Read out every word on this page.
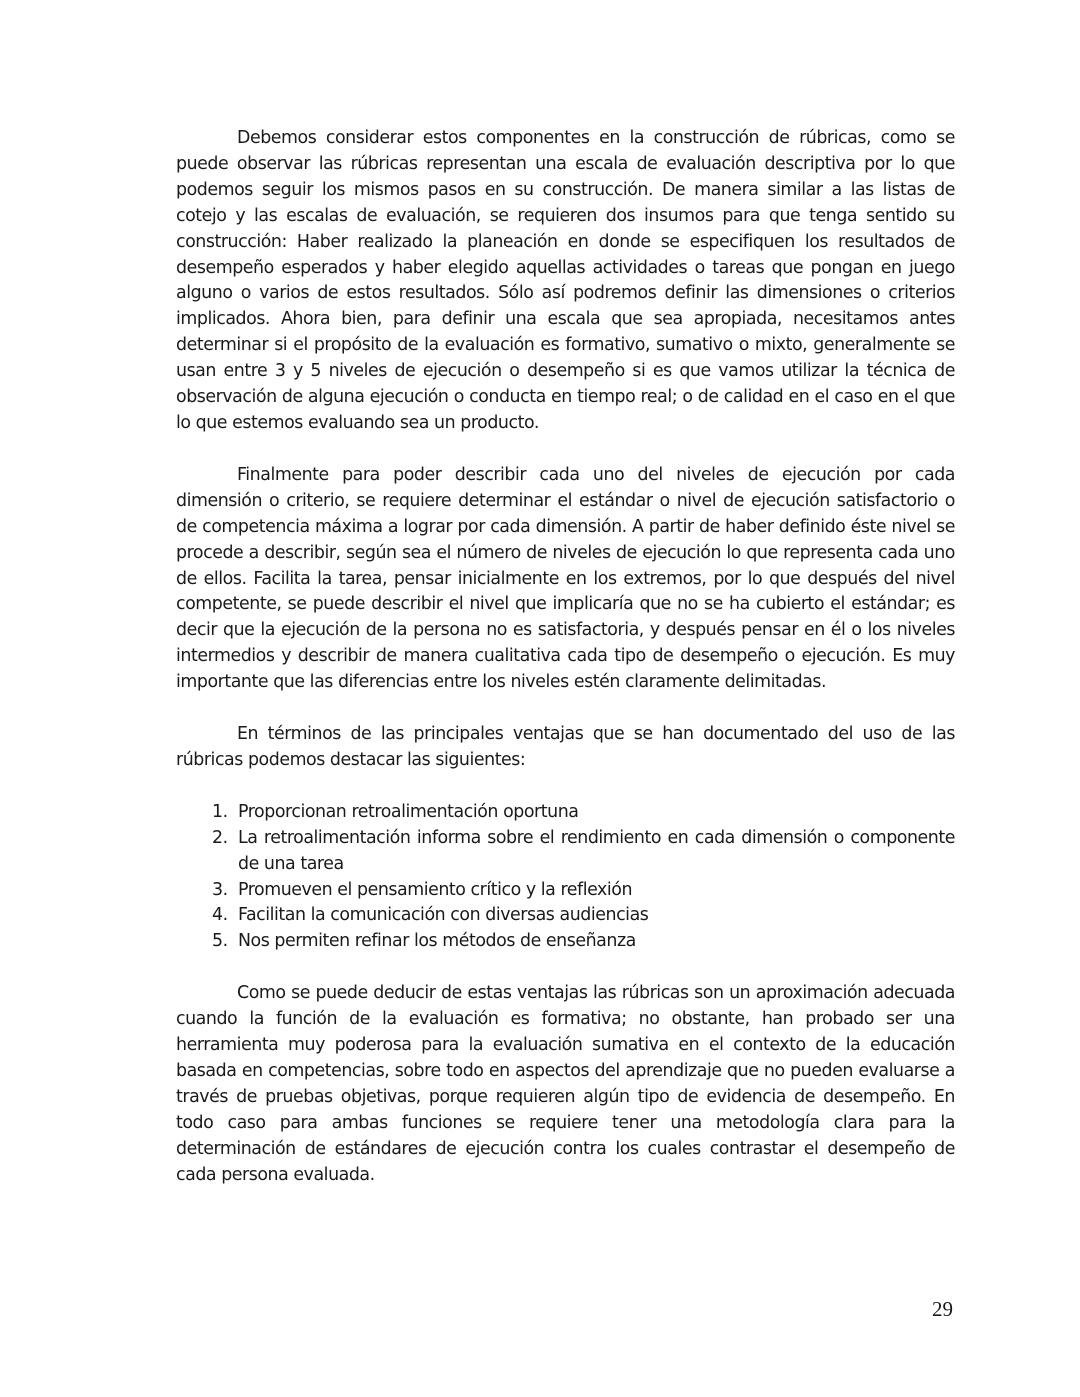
Debemos considerar estos componentes en la construcción de rúbricas, como se puede observar las rúbricas representan una escala de evaluación descriptiva por lo que podemos seguir los mismos pasos en su construcción. De manera similar a las listas de cotejo y las escalas de evaluación, se requieren dos insumos para que tenga sentido su construcción: Haber realizado la planeación en donde se especifiquen los resultados de desempeño esperados y haber elegido aquellas actividades o tareas que pongan en juego alguno o varios de estos resultados. Sólo así podremos definir las dimensiones o criterios implicados. Ahora bien, para definir una escala que sea apropiada, necesitamos antes determinar si el propósito de la evaluación es formativo, sumativo o mixto, generalmente se usan entre 3 y 5 niveles de ejecución o desempeño si es que vamos utilizar la técnica de observación de alguna ejecución o conducta en tiempo real; o de calidad en el caso en el que lo que estemos evaluando sea un producto.

Finalmente para poder describir cada uno del niveles de ejecución por cada dimensión o criterio, se requiere determinar el estándar o nivel de ejecución satisfactorio o de competencia máxima a lograr por cada dimensión. A partir de haber definido éste nivel se procede a describir, según sea el número de niveles de ejecución lo que representa cada uno de ellos. Facilita la tarea, pensar inicialmente en los extremos, por lo que después del nivel competente, se puede describir el nivel que implicaría que no se ha cubierto el estándar; es decir que la ejecución de la persona no es satisfactoria, y después pensar en él o los niveles intermedios y describir de manera cualitativa cada tipo de desempeño o ejecución. Es muy importante que las diferencias entre los niveles estén claramente delimitadas.

En términos de las principales ventajas que se han documentado del uso de las rúbricas podemos destacar las siguientes:

1. Proporcionan retroalimentación oportuna
2. La retroalimentación informa sobre el rendimiento en cada dimensión o componente de una tarea
3. Promueven el pensamiento crítico y la reflexión
4. Facilitan la comunicación con diversas audiencias
5. Nos permiten refinar los métodos de enseñanza

Como se puede deducir de estas ventajas las rúbricas son un aproximación adecuada cuando la función de la evaluación es formativa; no obstante, han probado ser una herramienta muy poderosa para la evaluación sumativa en el contexto de la educación basada en competencias, sobre todo en aspectos del aprendizaje que no pueden evaluarse a través de pruebas objetivas, porque requieren algún tipo de evidencia de desempeño. En todo caso para ambas funciones se requiere tener una metodología clara para la determinación de estándares de ejecución contra los cuales contrastar el desempeño de cada persona evaluada.

29
